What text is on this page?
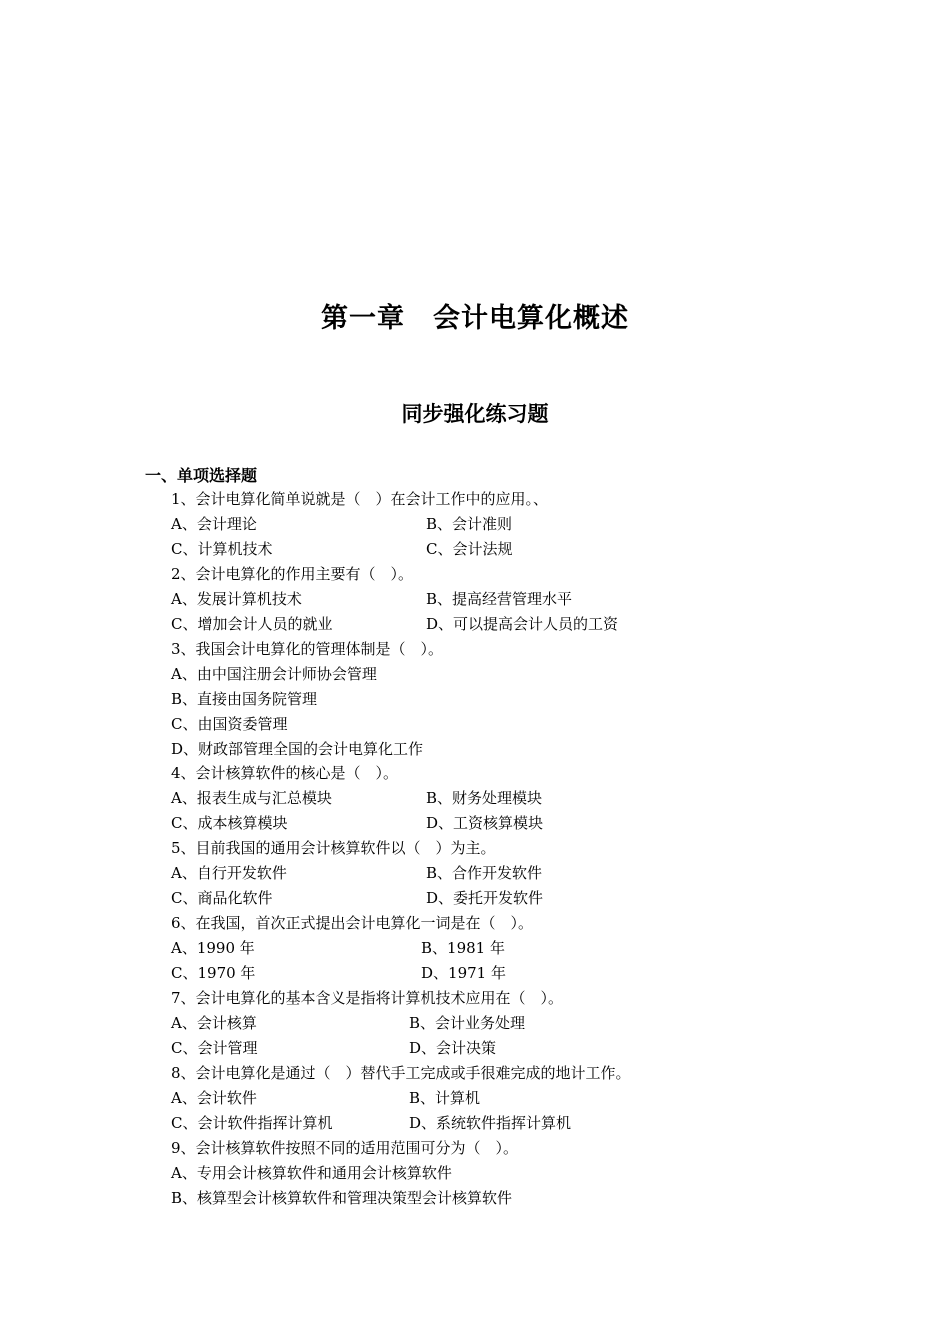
第一章　会计电算化概述
同步强化练习题
一、单项选择题
1、会计电算化简单说就是（　）在会计工作中的应用。、
A、会计理论	B、会计准则
C、计算机技术	C、会计法规
2、会计电算化的作用主要有（　）。
A、发展计算机技术	B、提高经营管理水平
C、增加会计人员的就业	D、可以提高会计人员的工资
3、我国会计电算化的管理体制是（　）。
A、由中国注册会计师协会管理
B、直接由国务院管理
C、由国资委管理
D、财政部管理全国的会计电算化工作
4、会计核算软件的核心是（　）。
A、报表生成与汇总模块	B、财务处理模块
C、成本核算模块	D、工资核算模块
5、目前我国的通用会计核算软件以（　）为主。
A、自行开发软件	B、合作开发软件
C、商品化软件	D、委托开发软件
6、在我国，首次正式提出会计电算化一词是在（　）。
A、1990 年	B、1981 年
C、1970 年	D、1971 年
7、会计电算化的基本含义是指将计算机技术应用在（　）。
A、会计核算	B、会计业务处理
C、会计管理	D、会计决策
8、会计电算化是通过（　）替代手工完成或手很难完成的地计工作。
A、会计软件	B、计算机
C、会计软件指挥计算机	D、系统软件指挥计算机
9、会计核算软件按照不同的适用范围可分为（　）。
A、专用会计核算软件和通用会计核算软件
B、核算型会计核算软件和管理决策型会计核算软件
